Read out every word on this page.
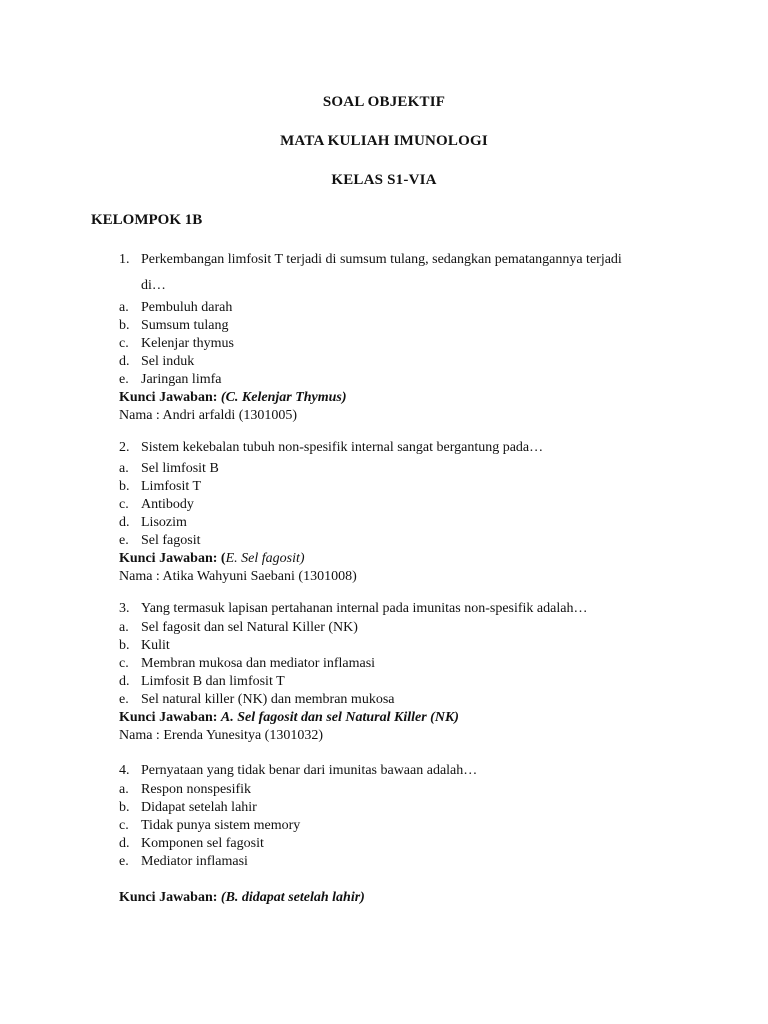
SOAL OBJEKTIF
MATA KULIAH IMUNOLOGI
KELAS S1-VIA
KELOMPOK 1B
1. Perkembangan limfosit T terjadi di sumsum tulang, sedangkan pematangannya terjadi
di…
a. Pembuluh darah
b. Sumsum tulang
c. Kelenjar thymus
d. Sel induk
e. Jaringan limfa
Kunci Jawaban: (C. Kelenjar Thymus)
Nama : Andri arfaldi (1301005)
2. Sistem kekebalan tubuh non-spesifik internal sangat bergantung pada…
a. Sel limfosit B
b. Limfosit T
c. Antibody
d. Lisozim
e. Sel fagosit
Kunci Jawaban: (E. Sel fagosit)
Nama : Atika Wahyuni Saebani (1301008)
3. Yang termasuk lapisan pertahanan internal pada imunitas non-spesifik adalah…
a. Sel fagosit dan sel Natural Killer (NK)
b. Kulit
c. Membran mukosa dan mediator inflamasi
d. Limfosit B dan limfosit T
e. Sel natural killer (NK) dan membran mukosa
Kunci Jawaban: A. Sel fagosit dan sel Natural Killer (NK)
Nama : Erenda Yunesitya (1301032)
4. Pernyataan yang tidak benar dari imunitas bawaan adalah…
a. Respon nonspesifik
b. Didapat setelah lahir
c. Tidak punya sistem memory
d. Komponen sel fagosit
e. Mediator inflamasi
Kunci Jawaban: (B. didapat setelah lahir)
